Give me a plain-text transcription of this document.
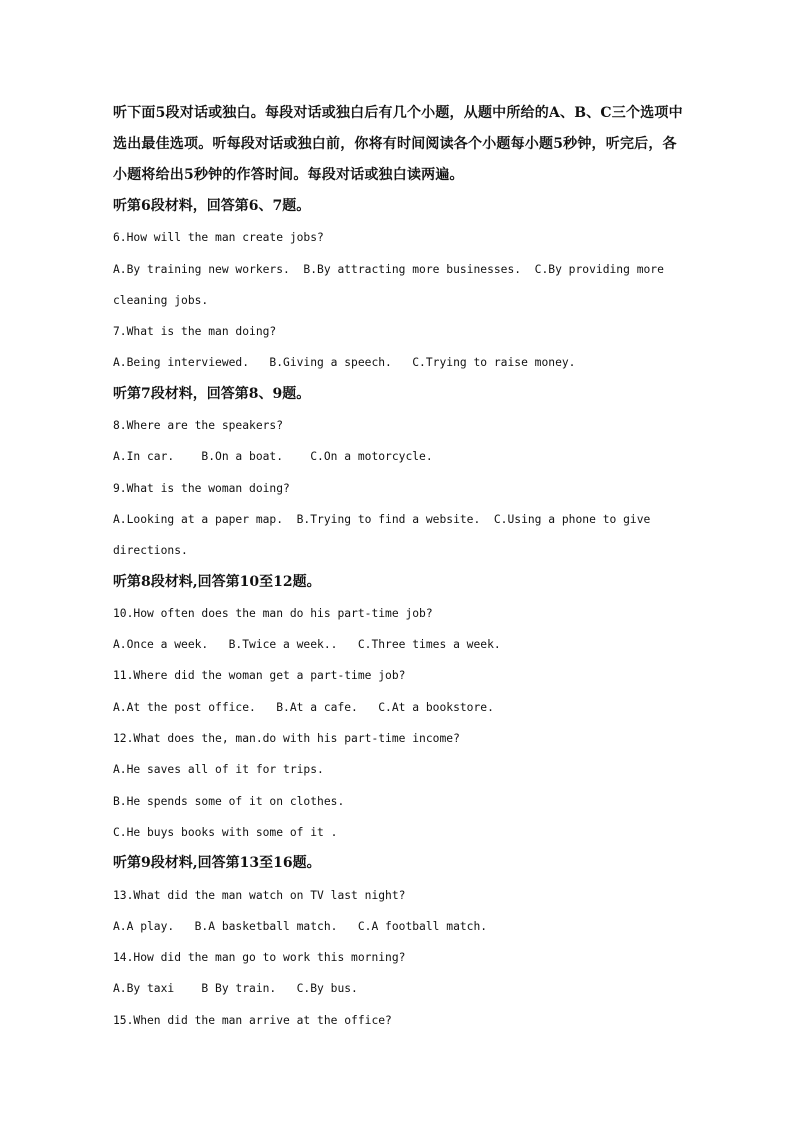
听下面5段对话或独白。每段对话或独白后有几个小题，从题中所给的A、B、C三个选项中
选出最佳选项。听每段对话或独白前，你将有时间阅读各个小题每小题5秒钟，听完后，各
小题将给出5秒钟的作答时间。每段对话或独白读两遍。
听第6段材料，回答第6、7题。
6.How will the man create jobs?
A.By training new workers.  B.By attracting more businesses.  C.By providing more
cleaning jobs.
7.What is the man doing?
A.Being interviewed.   B.Giving a speech.   C.Trying to raise money.
听第7段材料，回答第8、9题。
8.Where are the speakers?
A.In car.    B.On a boat.    C.On a motorcycle.
9.What is the woman doing?
A.Looking at a paper map.  B.Trying to find a website.  C.Using a phone to give
directions.
听第8段材料,回答第10至12题。
10.How often does the man do his part-time job?
A.Once a week.   B.Twice a week..   C.Three times a week.
11.Where did the woman get a part-time job?
A.At the post office.   B.At a cafe.   C.At a bookstore.
12.What does the, man.do with his part-time income?
A.He saves all of it for trips.
B.He spends some of it on clothes.
C.He buys books with some of it .
听第9段材料,回答第13至16题。
13.What did the man watch on TV last night?
A.A play.   B.A basketball match.   C.A football match.
14.How did the man go to work this morning?
A.By taxi    B By train.   C.By bus.
15.When did the man arrive at the office?
